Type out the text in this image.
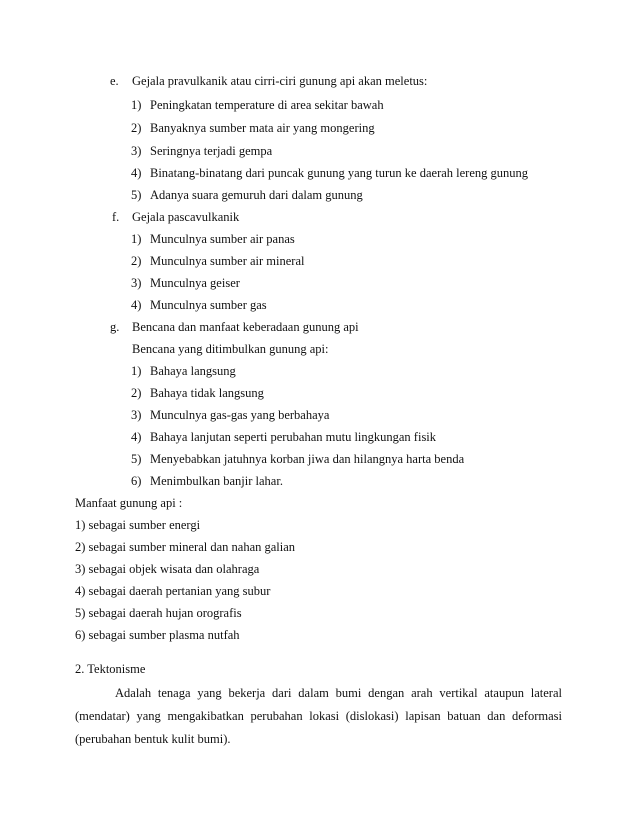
e. Gejala pravulkanik atau cirri-ciri gunung api akan meletus:
1) Peningkatan temperature di area sekitar bawah
2) Banyaknya sumber mata air yang mongering
3) Seringnya terjadi gempa
4) Binatang-binatang dari puncak gunung yang turun ke daerah lereng gunung
5) Adanya suara gemuruh dari dalam gunung
f. Gejala pascavulkanik
1) Munculnya sumber air panas
2) Munculnya sumber air mineral
3) Munculnya geiser
4) Munculnya sumber gas
g. Bencana dan manfaat keberadaan gunung api
Bencana yang ditimbulkan gunung api:
1) Bahaya langsung
2) Bahaya tidak langsung
3) Munculnya gas-gas yang berbahaya
4) Bahaya lanjutan seperti perubahan mutu lingkungan fisik
5) Menyebabkan jatuhnya korban jiwa dan hilangnya harta benda
6) Menimbulkan banjir lahar.
Manfaat gunung api :
1) sebagai sumber energi
2) sebagai sumber mineral dan nahan galian
3) sebagai objek wisata dan olahraga
4) sebagai daerah pertanian yang subur
5) sebagai daerah hujan orografis
6) sebagai sumber plasma nutfah
2. Tektonisme
Adalah tenaga yang bekerja dari dalam bumi dengan arah vertikal ataupun lateral
(mendatar) yang mengakibatkan perubahan lokasi (dislokasi) lapisan batuan dan deformasi
(perubahan bentuk kulit bumi).
